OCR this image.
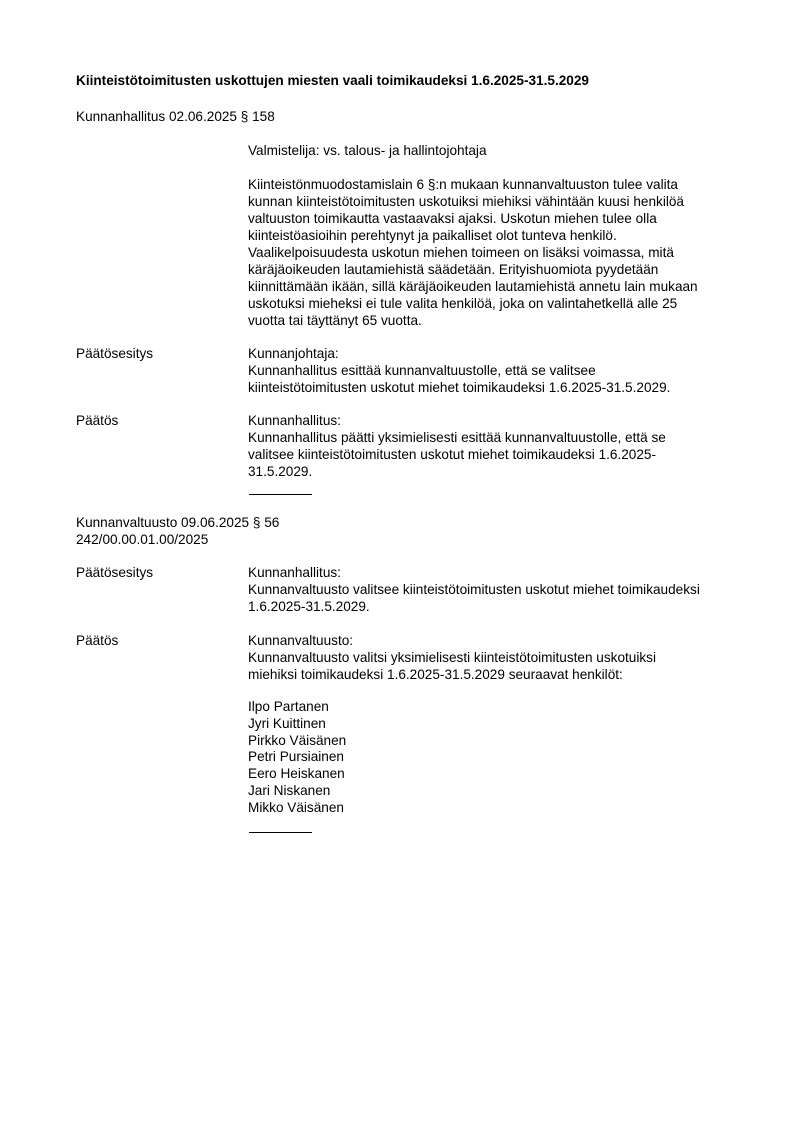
Kiinteistötoimitusten uskottujen miesten vaali toimikaudeksi 1.6.2025-31.5.2029
Kunnanhallitus 02.06.2025 § 158
Valmistelija: vs. talous- ja hallintojohtaja
Kiinteistönmuodostamislain 6 §:n mukaan kunnanvaltuuston tulee valita
kunnan kiinteistötoimitusten uskotuiksi miehiksi vähintään kuusi henkilöä
valtuuston toimikautta vastaavaksi ajaksi. Uskotun miehen tulee olla
kiinteistöasioihin perehtynyt ja paikalliset olot tunteva henkilö.
Vaalikelpoisuudesta uskotun miehen toimeen on lisäksi voimassa, mitä
käräjäoikeuden lautamiehistä säädetään. Erityishuomiota pyydetään
kiinnittämään ikään, sillä käräjäoikeuden lautamiehistä annetu lain mukaan
uskotuksi mieheksi ei tule valita henkilöä, joka on valintahetkellä alle 25
vuotta tai täyttänyt 65 vuotta.
Päätösesitys	Kunnanjohtaja:
Kunnanhallitus esittää kunnanvaltuustolle, että se valitsee
kiinteistötoimitusten uskotut miehet toimikaudeksi 1.6.2025-31.5.2029.
Päätös	Kunnanhallitus:
Kunnanhallitus päätti yksimielisesti esittää kunnanvaltuustolle, että se
valitsee kiinteistötoimitusten uskotut miehet toimikaudeksi 1.6.2025-
31.5.2029.
Kunnanvaltuusto 09.06.2025 § 56
242/00.00.01.00/2025
Päätösesitys	Kunnanhallitus:
Kunnanvaltuusto valitsee kiinteistötoimitusten uskotut miehet toimikaudeksi
1.6.2025-31.5.2029.
Päätös	Kunnanvaltuusto:
Kunnanvaltuusto valitsi yksimielisesti kiinteistötoimitusten uskotuiksi
miehiksi toimikaudeksi 1.6.2025-31.5.2029 seuraavat henkilöt:
Ilpo Partanen
Jyri Kuittinen
Pirkko Väisänen
Petri Pursiainen
Eero Heiskanen
Jari Niskanen
Mikko Väisänen
